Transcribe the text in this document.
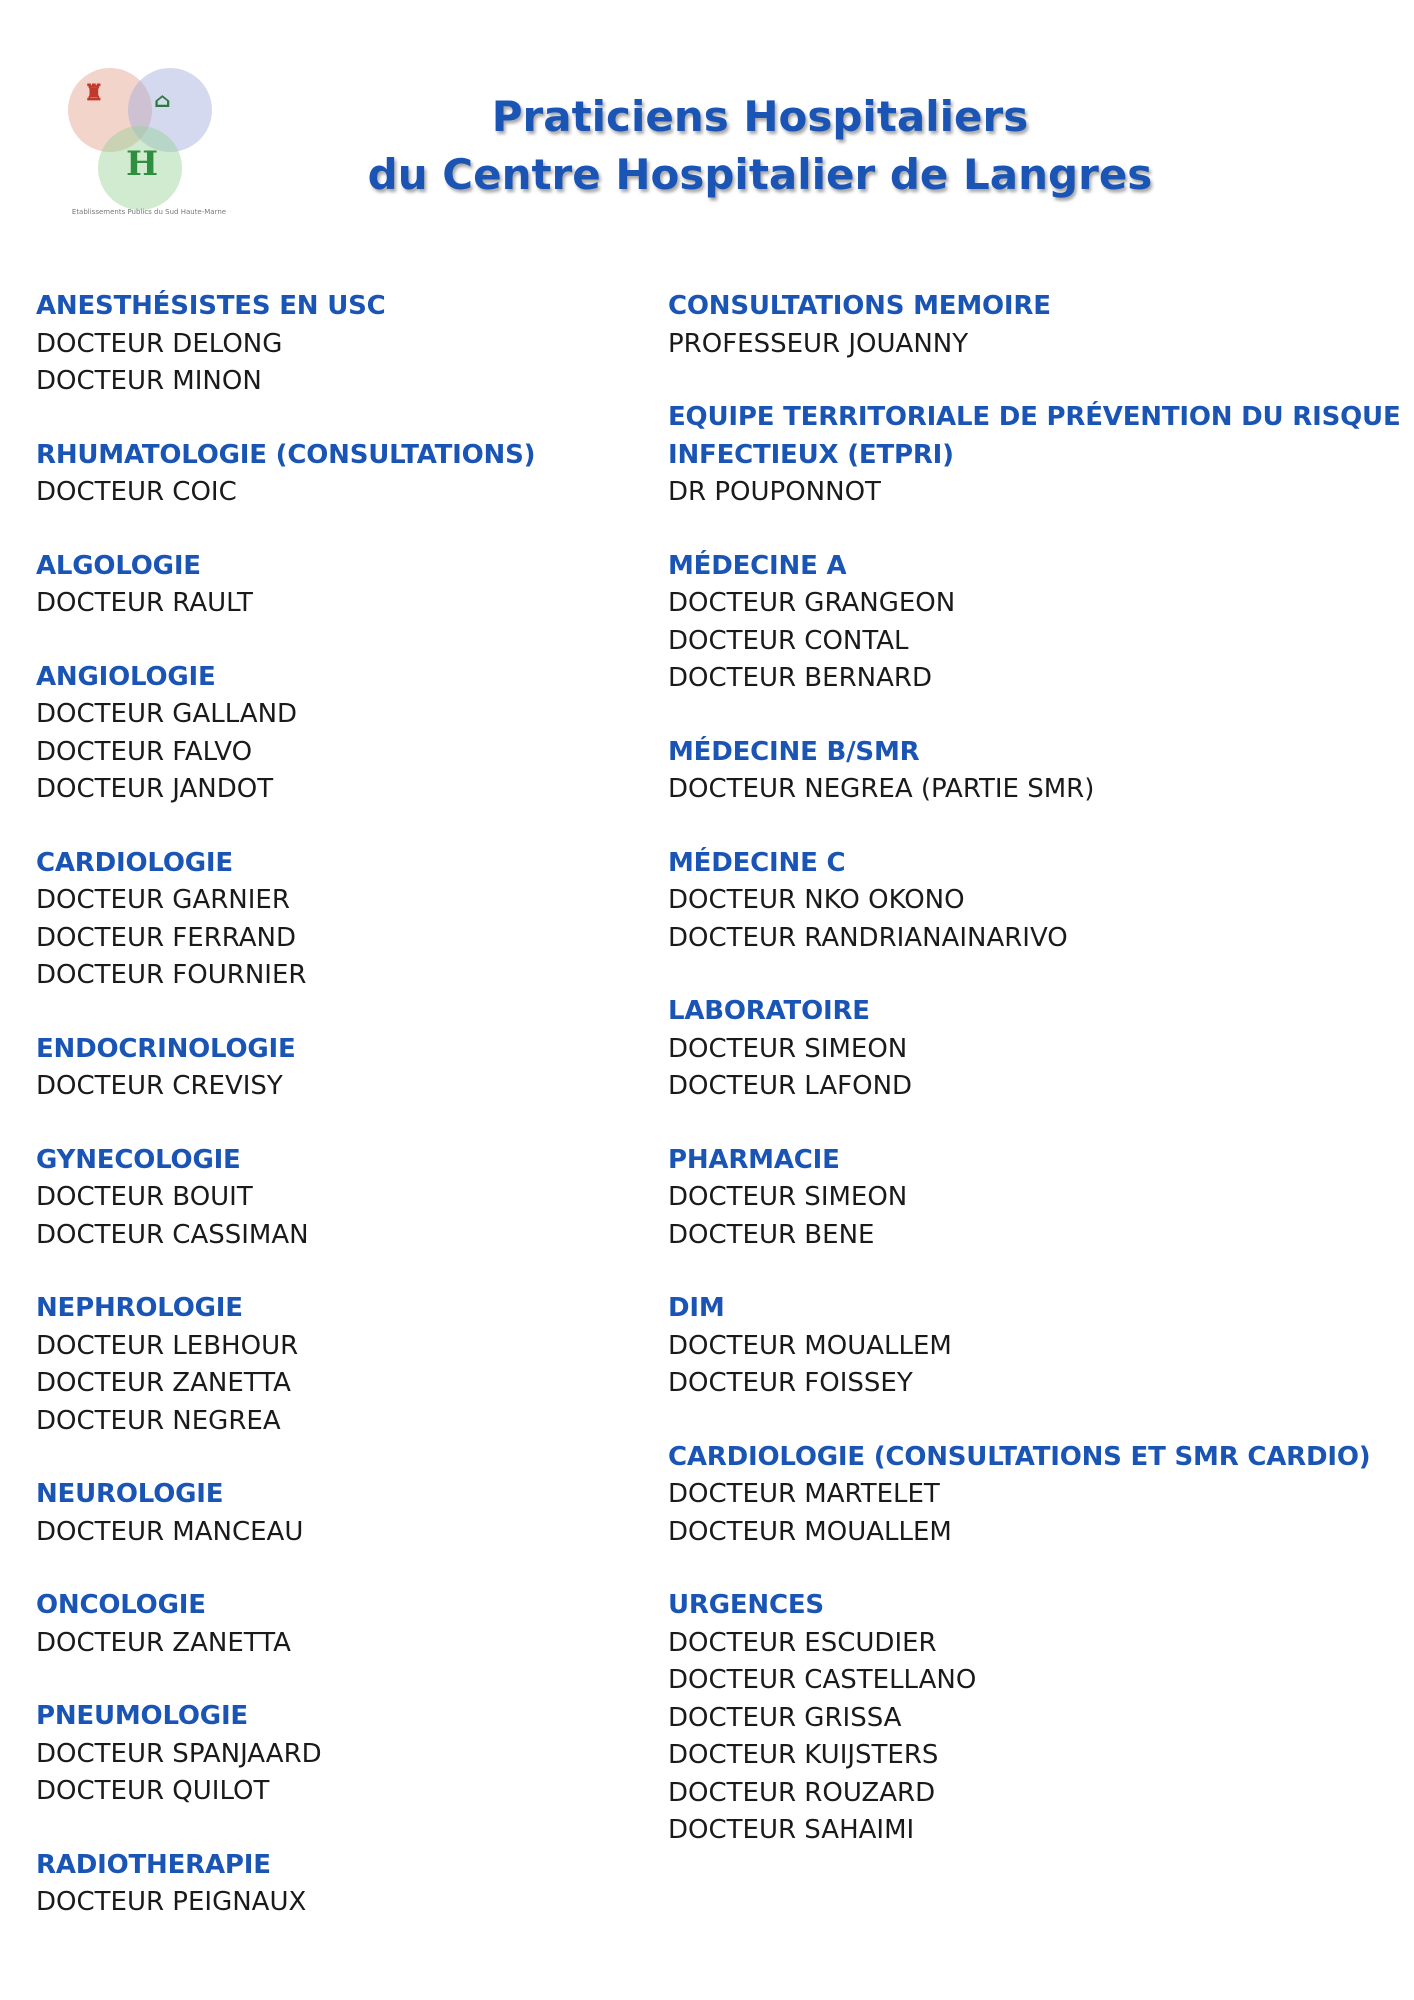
♜	⌂
H
Etablissements Publics du Sud Haute-Marne
Praticiens Hospitaliers
du Centre Hospitalier de Langres
ANESTHÉSISTES EN USC
DOCTEUR DELONG
DOCTEUR MINON
RHUMATOLOGIE (CONSULTATIONS)
DOCTEUR COIC
ALGOLOGIE
DOCTEUR RAULT
ANGIOLOGIE
DOCTEUR GALLAND
DOCTEUR FALVO
DOCTEUR JANDOT
CARDIOLOGIE
DOCTEUR GARNIER
DOCTEUR FERRAND
DOCTEUR FOURNIER
ENDOCRINOLOGIE
DOCTEUR CREVISY
GYNECOLOGIE
DOCTEUR BOUIT
DOCTEUR CASSIMAN
NEPHROLOGIE
DOCTEUR LEBHOUR
DOCTEUR ZANETTA
DOCTEUR NEGREA
NEUROLOGIE
DOCTEUR MANCEAU
ONCOLOGIE
DOCTEUR ZANETTA
PNEUMOLOGIE
DOCTEUR SPANJAARD
DOCTEUR QUILOT
RADIOTHERAPIE
DOCTEUR PEIGNAUX
CONSULTATIONS MEMOIRE
PROFESSEUR JOUANNY
EQUIPE TERRITORIALE DE PRÉVENTION DU RISQUE
INFECTIEUX (ETPRI)
DR POUPONNOT
MÉDECINE A
DOCTEUR GRANGEON
DOCTEUR CONTAL
DOCTEUR BERNARD
MÉDECINE B/SMR
DOCTEUR NEGREA (PARTIE SMR)
MÉDECINE C
DOCTEUR NKO OKONO
DOCTEUR RANDRIANAINARIVO
LABORATOIRE
DOCTEUR SIMEON
DOCTEUR LAFOND
PHARMACIE
DOCTEUR SIMEON
DOCTEUR BENE
DIM
DOCTEUR MOUALLEM
DOCTEUR FOISSEY
CARDIOLOGIE (CONSULTATIONS ET SMR CARDIO)
DOCTEUR MARTELET
DOCTEUR MOUALLEM
URGENCES
DOCTEUR ESCUDIER
DOCTEUR CASTELLANO
DOCTEUR GRISSA
DOCTEUR KUIJSTERS
DOCTEUR ROUZARD
DOCTEUR SAHAIMI
